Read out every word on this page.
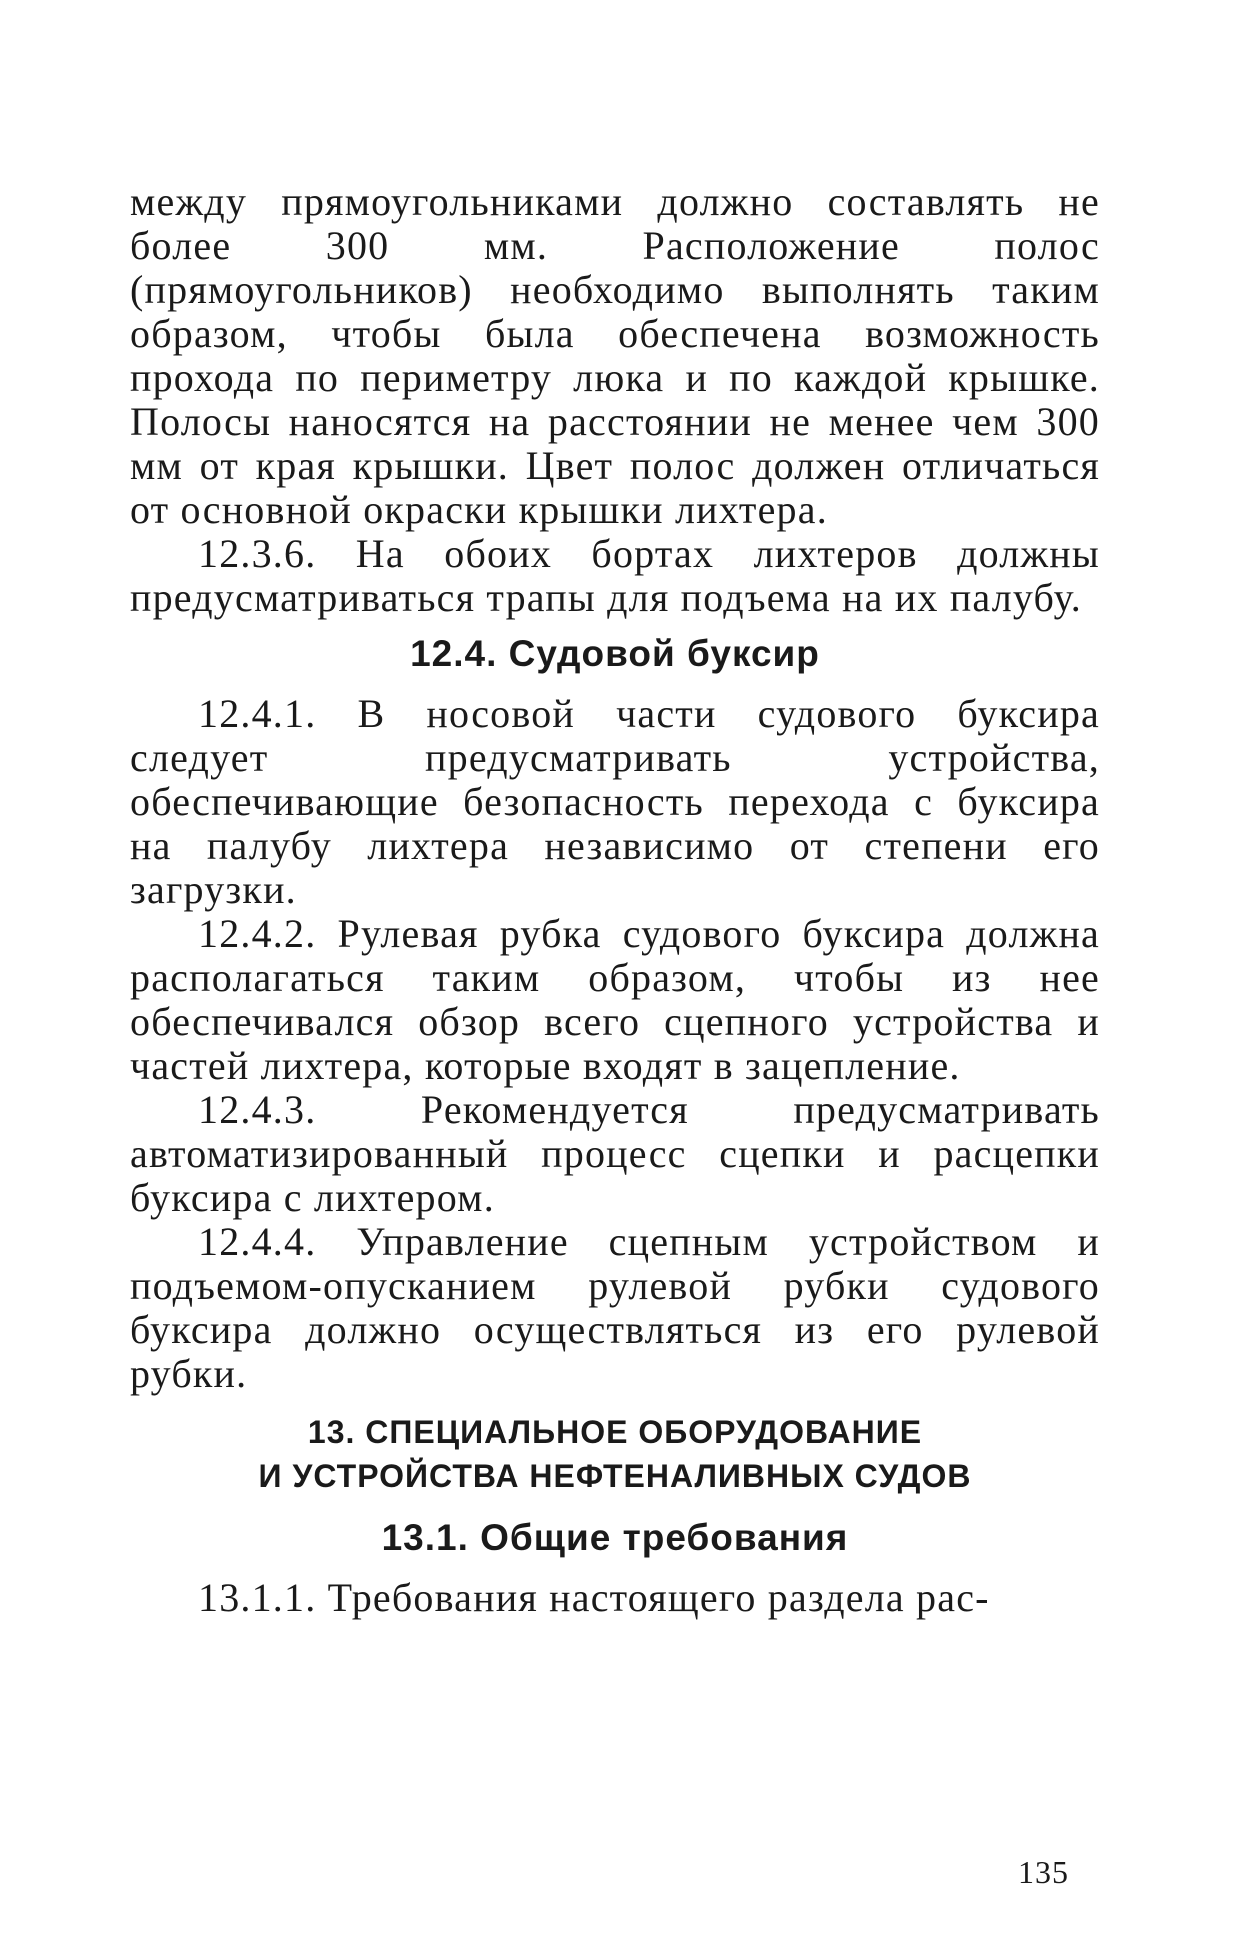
между прямоугольниками должно составлять не более 300 мм. Расположение полос (прямоугольников) необходимо выполнять таким образом, чтобы была обеспечена возможность прохода по периметру люка и по каждой крышке. Полосы наносятся на расстоянии не менее чем 300 мм от края крышки. Цвет полос должен отличаться от основной окраски крышки лихтера.

12.3.6. На обоих бортах лихтеров должны предусматриваться трапы для подъема на их палубу.

12.4. Судовой буксир

12.4.1. В носовой части судового буксира следует предусматривать устройства, обеспечивающие безопасность перехода с буксира на палубу лихтера независимо от степени его загрузки.

12.4.2. Рулевая рубка судового буксира должна располагаться таким образом, чтобы из нее обеспечивался обзор всего сцепного устройства и частей лихтера, которые входят в зацепление.

12.4.3. Рекомендуется предусматривать автоматизированный процесс сцепки и расцепки буксира с лихтером.

12.4.4. Управление сцепным устройством и подъемом-опусканием рулевой рубки судового буксира должно осуществляться из его рулевой рубки.

13. СПЕЦИАЛЬНОЕ ОБОРУДОВАНИЕ
И УСТРОЙСТВА НЕФТЕНАЛИВНЫХ СУДОВ
13.1. Общие требования

13.1.1. Требования настоящего раздела рас-

135
